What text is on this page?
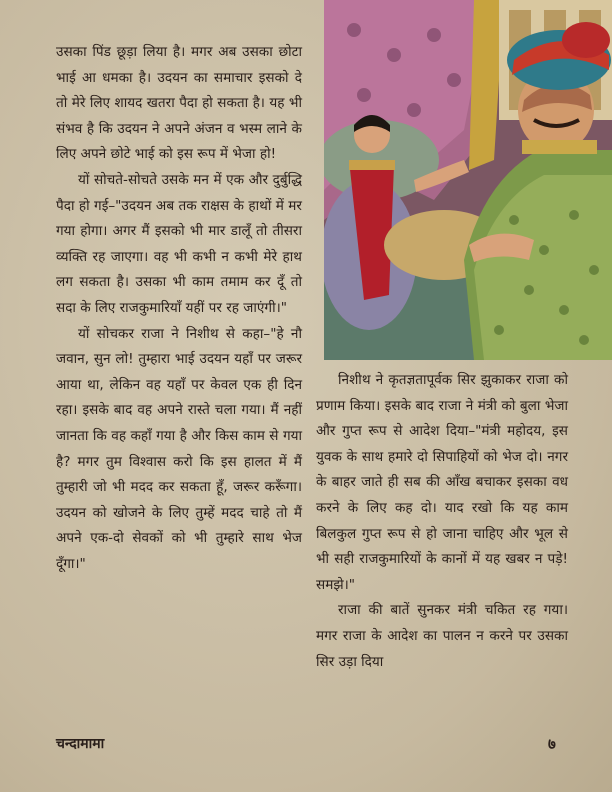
उसका पिंड छूड़ा लिया है। मगर अब उसका छोटा भाई आ धमका है। उदयन का समाचार इसको दे तो मेरे लिए शायद खतरा पैदा हो सकता है। यह भी संभव है कि उदयन ने अपने अंजन व भस्म लाने के लिए अपने छोटे भाई को इस रूप में भेजा हो!

यों सोचते-सोचते उसके मन में एक और दुर्बुद्धि पैदा हो गई–"उदयन अब तक राक्षस के हाथों में मर गया होगा। अगर मैं इसको भी मार डालूँ तो तीसरा व्यक्ति रह जाएगा। वह भी कभी न कभी मेरे हाथ लग सकता है। उसका भी काम तमाम कर दूँ तो सदा के लिए राजकुमारियाँ यहीं पर रह जाएंगी।"

यों सोचकर राजा ने निशीथ से कहा–"हे नौ जवान, सुन लो! तुम्हारा भाई उदयन यहाँ पर जरूर आया था, लेकिन वह यहाँ पर केवल एक ही दिन रहा। इसके बाद वह अपने रास्ते चला गया। मैं नहीं जानता कि वह कहाँ गया है और किस काम से गया है? मगर तुम विश्वास करो कि इस हालत में मैं तुम्हारी जो भी मदद कर सकता हूँ, जरूर करूँगा। उदयन को खोजने के लिए तुम्हें मदद चाहे तो मैं अपने एक-दो सेवकों को भी तुम्हारे साथ भेज दूँगा।"

निशीथ ने कृतज्ञतापूर्वक सिर झुकाकर राजा को प्रणाम किया। इसके बाद राजा ने मंत्री को बुला भेजा और गुप्त रूप से आदेश दिया–"मंत्री महोदय, इस युवक के साथ हमारे दो सिपाहियों को भेज दो। नगर के बाहर जाते ही सब की आँख बचाकर इसका वध करने के लिए कह दो। याद रखो कि यह काम बिलकुल गुप्त रूप से हो जाना चाहिए और भूल से भी सही राजकुमारियों के कानों में यह खबर न पड़े! समझे।"

राजा की बातें सुनकर मंत्री चकित रह गया। मगर राजा के आदेश का पालन न करने पर उसका सिर उड़ा दिया

चन्दामामा	७
